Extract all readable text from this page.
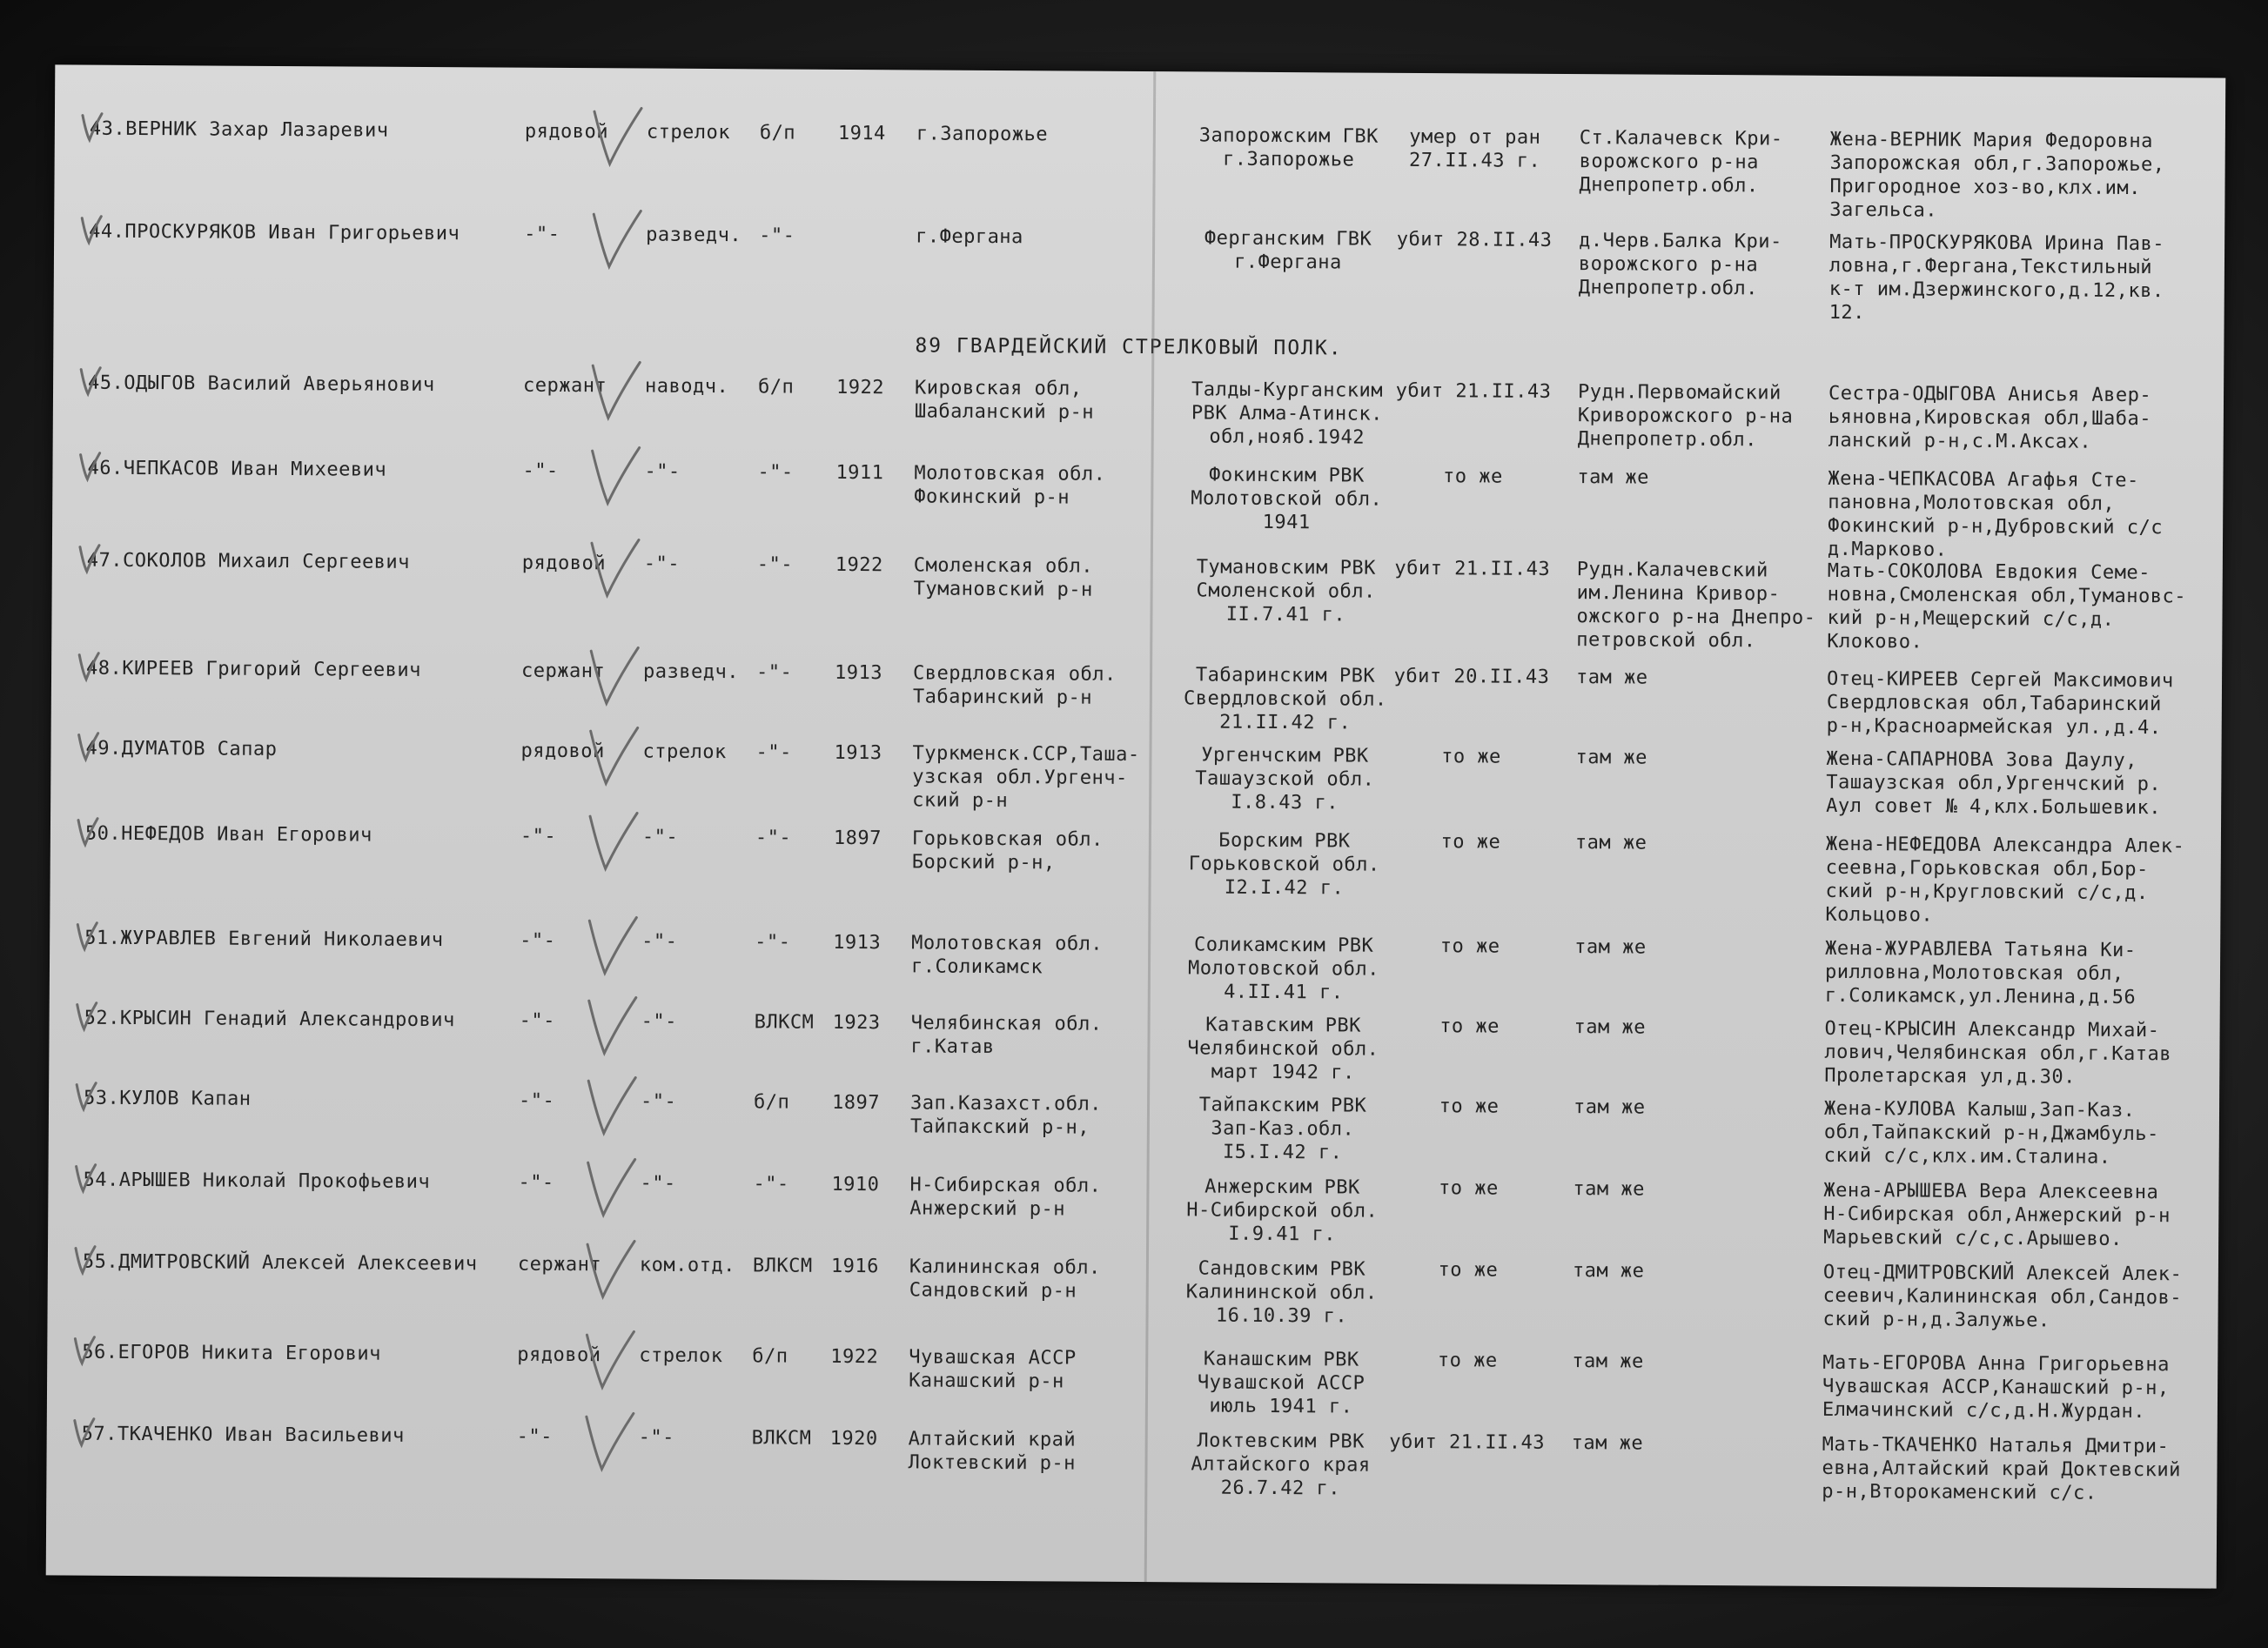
89 ГВАРДЕЙСКИЙ СТРЕЛКОВЫЙ ПОЛК.
43.ВЕРНИК Захар Лазаревич	рядовой	стрелок	б/п	1914	г.Запорожье	Запорожским ГВК
г.Запорожье
умер от ран
27.II.43 г.
Ст.Калачевск Кри-
ворожского р-на
Днепропетр.обл.
Жена-ВЕРНИК Мария Федоровна
Запорожская обл,г.Запорожье,
Пригородное хоз-во,клх.им.
Загельса.
44.ПРОСКУРЯКОВ Иван Григорьевич	-"-	разведч. -"-	г.Фергана	Ферганским ГВК
г.Фергана
убит 28.II.43	д.Черв.Балка Кри-
ворожского р-на
Днепропетр.обл.
Мать-ПРОСКУРЯКОВА Ирина Пав-
ловна,г.Фергана,Текстильный
к-т им.Дзержинского,д.12,кв.
12.
45.ОДЫГОВ Василий Аверьянович	сержант	наводч.	б/п	1922	Кировская обл,
Шабаланский р-н
Талды-Курганским
РВК Алма-Атинск.
обл,нояб.1942
убит 21.II.43	Рудн.Первомайский
Криворожского р-на
Днепропетр.обл.
Сестра-ОДЫГОВА Анисья Авер-
ьяновна,Кировская обл,Шаба-
ланский р-н,с.М.Аксах.
46.ЧЕПКАСОВ Иван Михеевич	-"-	-"-	-"-	1911	Молотовская обл.
Фокинский р-н
Фокинским РВК
Молотовской обл.
1941
то же	там же	Жена-ЧЕПКАСОВА Агафья Сте-
пановна,Молотовская обл,
Фокинский р-н,Дубровский с/с
д.Марково.
47.СОКОЛОВ Михаил Сергеевич	рядовой	-"-	-"-	1922	Смоленская обл.
Тумановский р-н
Тумановским РВК
Смоленской обл.
II.7.41 г.
убит 21.II.43	Рудн.Калачевский
им.Ленина Кривор-
ожского р-на Днепро-
петровской обл.
Мать-СОКОЛОВА Евдокия Семе-
новна,Смоленская обл,Тумановс-
кий р-н,Мещерский с/с,д.
Клоково.
48.КИРЕЕВ Григорий Сергеевич	сержант	разведч. -"-	1913	Свердловская обл.
Табаринский р-н
Табаринским РВК
Свердловской обл.
21.II.42 г.
убит 20.II.43	там же	Отец-КИРЕЕВ Сергей Максимович
Свердловская обл,Табаринский
р-н,Красноармейская ул.,д.4.
49.ДУМАТОВ Сапар	рядовой	стрелок	-"-	1913	Туркменск.ССР,Таша-
узская обл.Ургенч-
ский р-н
Ургенчским РВК
Ташаузской обл.
I.8.43 г.
то же	там же	Жена-САПАРНОВА Зова Даулу,
Ташаузская обл,Ургенчский р.
Аул совет № 4,клх.Большевик.
50.НЕФЕДОВ Иван Егорович	-"-	-"-	-"-	1897	Горьковская обл.
Борский р-н,
Борским РВК
Горьковской обл.
I2.I.42 г.
то же	там же	Жена-НЕФЕДОВА Александра Алек-
сеевна,Горьковская обл,Бор-
ский р-н,Кругловский с/с,д.
Кольцово.
51.ЖУРАВЛЕВ Евгений Николаевич	-"-	-"-	-"-	1913	Молотовская обл.
г.Соликамск
Соликамским РВК
Молотовской обл.
4.II.41 г.
то же	там же	Жена-ЖУРАВЛЕВА Татьяна Ки-
рилловна,Молотовская обл,
г.Соликамск,ул.Ленина,д.56
52.КРЫСИН Генадий Александрович	-"-	-"-	ВЛКСМ 1923	Челябинская обл.
г.Катав
Катавским РВК
Челябинской обл.
март 1942 г.
то же	там же	Отец-КРЫСИН Александр Михай-
лович,Челябинская обл,г.Катав
Пролетарская ул,д.30.
53.КУЛОВ Капан	-"-	-"-	б/п	1897	Зап.Казахст.обл.
Тайпакский р-н,
Тайпакским РВК
Зап-Каз.обл.
I5.I.42 г.
то же	там же	Жена-КУЛОВА Калыш,Зап-Каз.
обл,Тайпакский р-н,Джамбуль-
ский с/с,клх.им.Сталина.
54.АРЫШЕВ Николай Прокофьевич	-"-	-"-	-"-	1910	Н-Сибирская обл.
Анжерский р-н
Анжерским РВК
Н-Сибирской обл.
I.9.41 г.
то же	там же	Жена-АРЫШЕВА Вера Алексеевна
Н-Сибирская обл,Анжерский р-н
Марьевский с/с,с.Арышево.
55.ДМИТРОВСКИЙ Алексей Алексеевич	сержант	ком.отд. ВЛКСМ 1916	Калининская обл.
Сандовский р-н
Сандовским РВК
Калининской обл.
16.10.39 г.
то же	там же	Отец-ДМИТРОВСКИЙ Алексей Алек-
сеевич,Калининская обл,Сандов-
ский р-н,д.Залужье.
56.ЕГОРОВ Никита Егорович	рядовой	стрелок	б/п	1922	Чувашская АССР
Канашский р-н
Канашским РВК
Чувашской АССР
июль 1941 г.
то же	там же	Мать-ЕГОРОВА Анна Григорьевна
Чувашская АССР,Канашский р-н,
Елмачинский с/с,д.Н.Журдан.
57.ТКАЧЕНКО Иван Васильевич	-"-	-"-	ВЛКСМ 1920	Алтайский край
Локтевский р-н
Локтевским РВК
Алтайского края
26.7.42 г.
убит 21.II.43	там же	Мать-ТКАЧЕНКО Наталья Дмитри-
евна,Алтайский край Доктевский
р-н,Второкаменский с/с.
